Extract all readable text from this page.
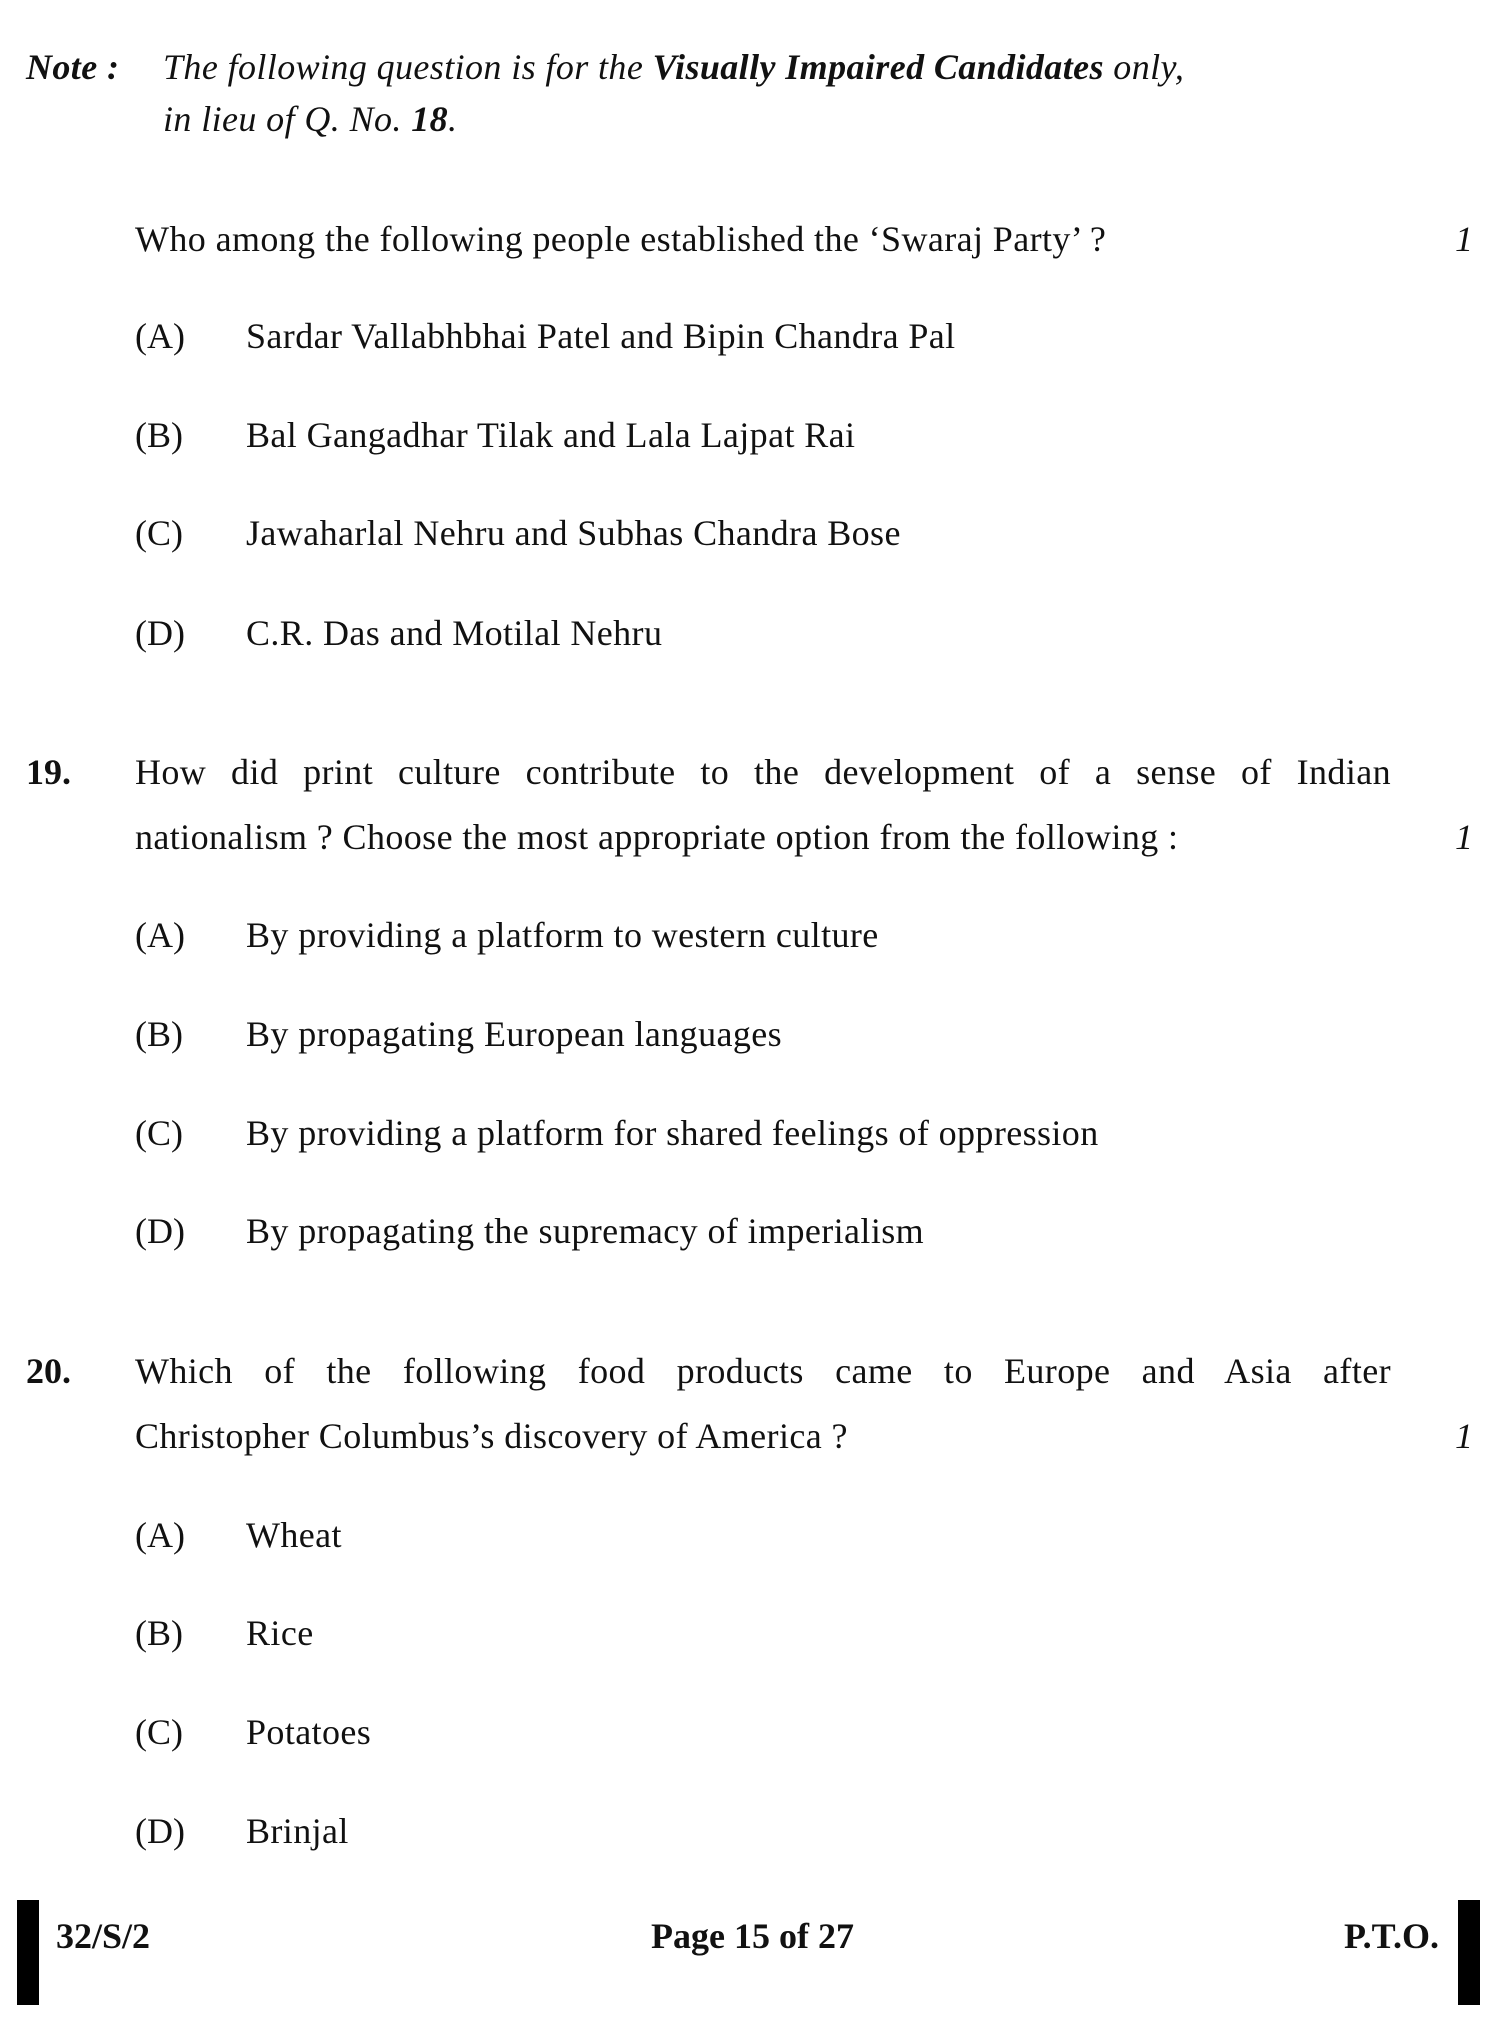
Note : The following question is for the Visually Impaired Candidates only,
in lieu of Q. No. 18.
Who among the following people established the ‘Swaraj Party’ ?	1
(A) Sardar Vallabhbhai Patel and Bipin Chandra Pal
(B) Bal Gangadhar Tilak and Lala Lajpat Rai
(C) Jawaharlal Nehru and Subhas Chandra Bose
(D) C.R. Das and Motilal Nehru
19. How did print culture contribute to the development of a sense of Indian
nationalism ? Choose the most appropriate option from the following :	1
(A) By providing a platform to western culture
(B) By propagating European languages
(C) By providing a platform for shared feelings of oppression
(D) By propagating the supremacy of imperialism
20. Which of the following food products came to Europe and Asia after
Christopher Columbus’s discovery of America ?	1
(A) Wheat
(B) Rice
(C) Potatoes
(D) Brinjal
32/S/2	Page 15 of 27	P.T.O.
